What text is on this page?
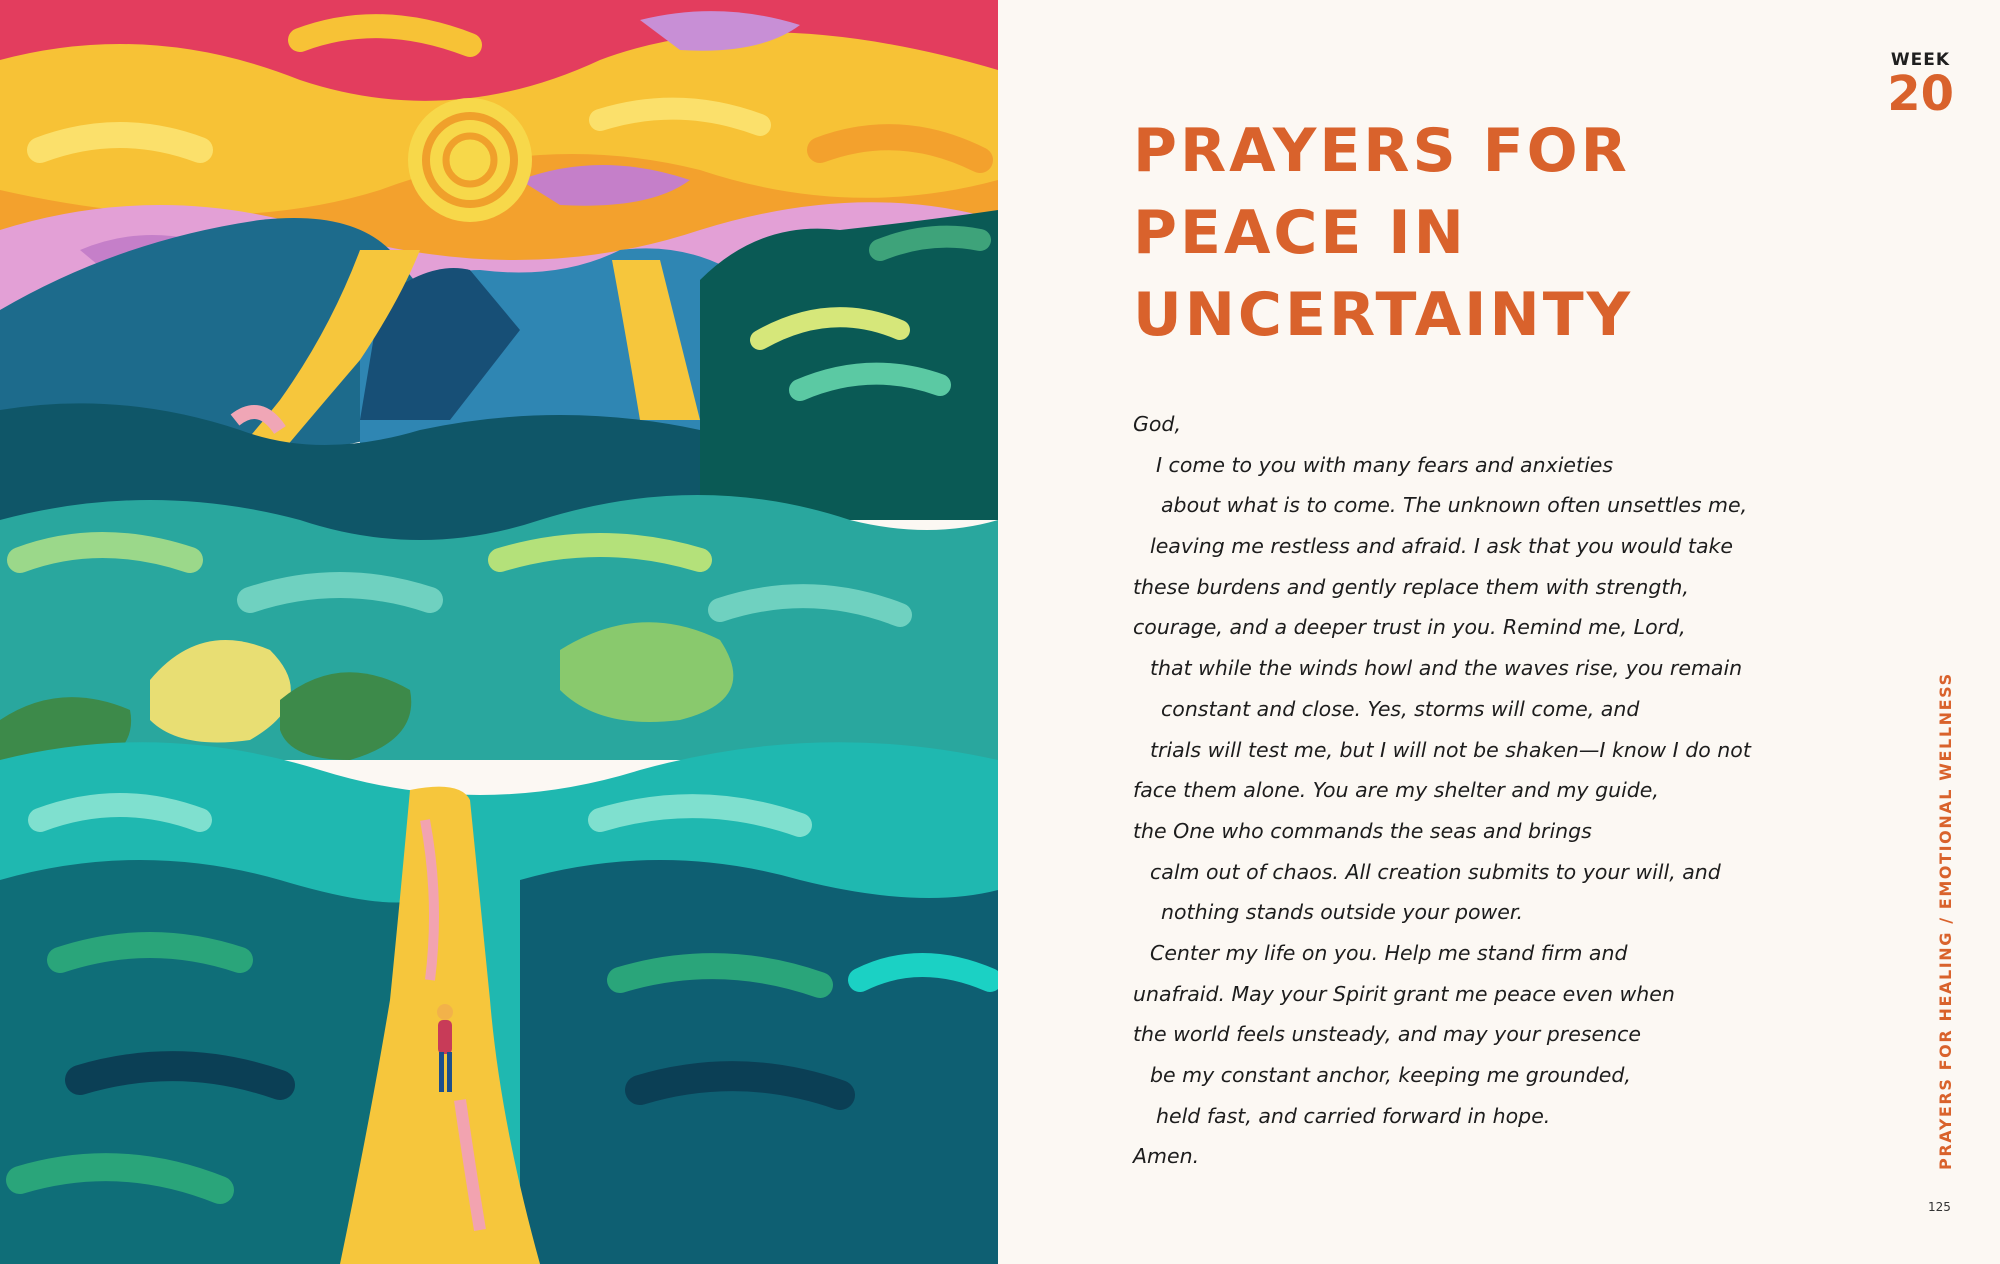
WEEK
20
PRAYERS FOR
PEACE IN
UNCERTAINTY
God,
I come to you with many fears and anxieties
about what is to come. The unknown often unsettles me,
leaving me restless and afraid. I ask that you would take
these burdens and gently replace them with strength,
courage, and a deeper trust in you. Remind me, Lord,
that while the winds howl and the waves rise, you remain
constant and close. Yes, storms will come, and
trials will test me, but I will not be shaken—I know I do not
face them alone. You are my shelter and my guide,
the One who commands the seas and brings
calm out of chaos. All creation submits to your will, and
nothing stands outside your power.
Center my life on you. Help me stand firm and
unafraid. May your Spirit grant me peace even when
the world feels unsteady, and may your presence
be my constant anchor, keeping me grounded,
held fast, and carried forward in hope.
Amen.	PRAYERS FOR HEALING / EMOTIONAL WELLNESS
125
